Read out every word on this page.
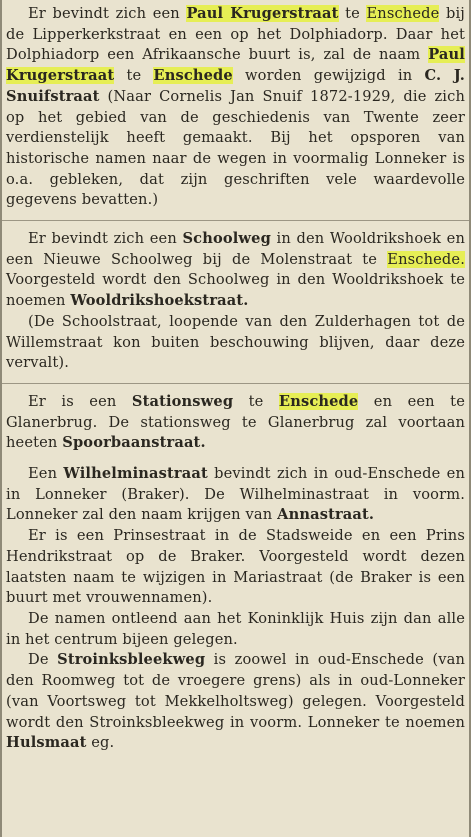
Er bevindt zich een Paul Krugerstraat te Enschede bij de Lipperkerkstraat en een op het Dolphiadorp. Daar het Dolphiadorp een Afrikaansche buurt is, zal de naam Paul Krugerstraat te Enschede worden gewijzigd in C. J. Snuifstraat (Naar Cornelis Jan Snuif 1872-1929, die zich op het gebied van de geschiedenis van Twente zeer verdienstelijk heeft gemaakt. Bij het opsporen van historische namen naar de wegen in voormalig Lonneker is o.a. gebleken, dat zijn geschriften vele waardevolle gegevens bevatten.)

Er bevindt zich een Schoolweg in den Wooldrikshoek en een Nieuwe Schoolweg bij de Molenstraat te Enschede. Voorgesteld wordt den Schoolweg in den Wooldrikshoek te noemen Wooldrikshoekstraat.

(De Schoolstraat, loopende van den Zulderhagen tot de Willemstraat kon buiten beschouwing blijven, daar deze vervalt).

Er is een Stationsweg te Enschede en een te Glanerbrug. De stationsweg te Glanerbrug zal voortaan heeten Spoorbaanstraat.

Een Wilhelminastraat bevindt zich in oud-Enschede en in Lonneker (Braker). De Wilhelminastraat in voorm. Lonneker zal den naam krijgen van Annastraat.

Er is een Prinsestraat in de Stadsweide en een Prins Hendrikstraat op de Braker. Voorgesteld wordt dezen laatsten naam te wijzigen in Mariastraat (de Braker is een buurt met vrouwennamen).

De namen ontleend aan het Koninklijk Huis zijn dan alle in het centrum bijeen gelegen.

De Stroinksbleekweg is zoowel in oud-Enschede (van den Roomweg tot de vroegere grens) als in oud-Lonneker (van Voortsweg tot Mekkelholtsweg) gelegen. Voorgesteld wordt den Stroinksbleekweg in voorm. Lonneker te noemen Hulsmaat eg.
